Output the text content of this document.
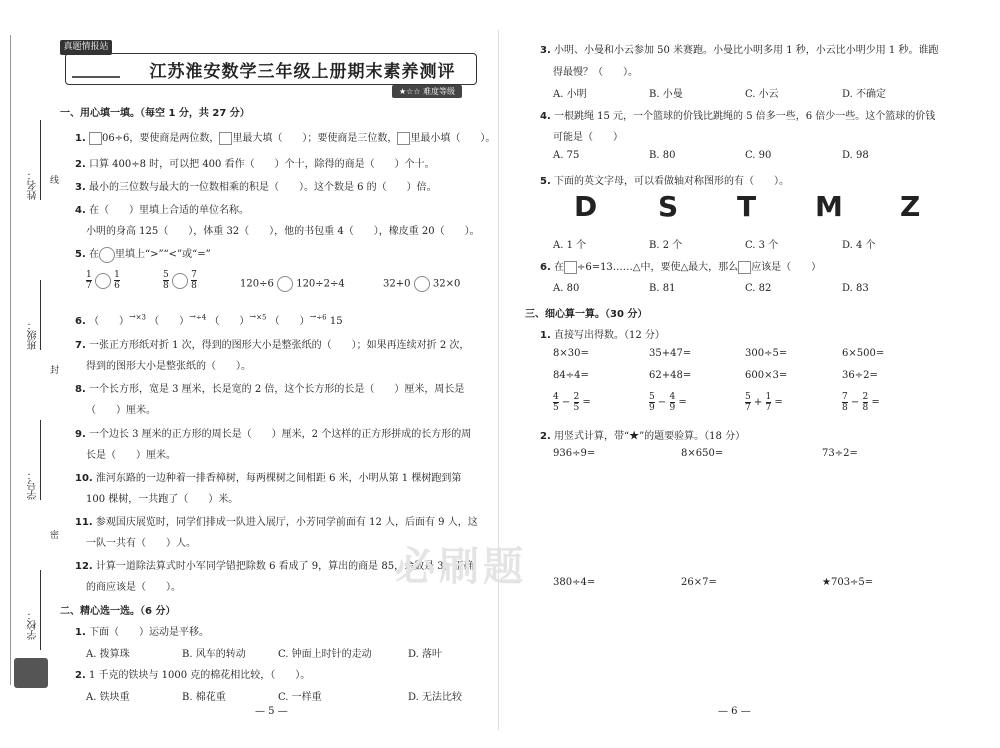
姓名： 线
班级：
封
学号：
密
学校：
真题情报站
江苏淮安数学三年级上册期末素养测评
★☆☆ 难度等级
一、用心填一填。（每空 1 分，共 27 分）
1. 06÷6，要使商是两位数， 里最大填（　　）；要使商是三位数， 里最小填（　　）。
2. 口算 400÷8 时，可以把 400 看作（　　）个十，除得的商是（　　）个十。
3. 最小的三位数与最大的一位数相乘的积是（　　）。这个数是 6 的（　　）倍。
4. 在（　　）里填上合适的单位名称。
小明的身高 125（　　），体重 32（　　），他的书包重 4（　　），橡皮重 20（　　）。
5. 在 里填上“>”“<”或“=”
$\frac{1}{7}$
$\frac{1}{6}$	$\frac{5}{8}$
$\frac{7}{8}$	120÷6 120÷2÷4	32+0 32×0
6. （　　）$^{\to\times 3}$ （　　）$^{\to\div 4}$ （　　）$^{\to\times 5}$ （　　）$^{\to\div 6}$ 15
7. 一张正方形纸对折 1 次，得到的图形大小是整张纸的（　　）；如果再连续对折 2 次，
得到的图形大小是整张纸的（　　）。
8. 一个长方形，宽是 3 厘米，长是宽的 2 倍，这个长方形的长是（　　）厘米，周长是
（　　）厘米。
9. 一个边长 3 厘米的正方形的周长是（　　）厘米，2 个这样的正方形拼成的长方形的周
长是（　　）厘米。
10. 淮河东路的一边种着一排香樟树，每两棵树之间相距 6 米，小明从第 1 棵树跑到第
100 棵树，一共跑了（　　）米。
11. 参观国庆展览时，同学们排成一队进入展厅，小芳同学前面有 12 人，后面有 9 人，这
一队一共有（　　）人。
12. 计算一道除法算式时小军同学错把除数 6 看成了 9，算出的商是 85，余数是 3，正确
的商应该是（　　）。
二、精心选一选。（6 分）
1. 下面（　　）运动是平移。
A. 拨算珠	B. 风车的转动	C. 钟面上时针的走动	D. 落叶
2. 1 千克的铁块与 1000 克的棉花相比较，（　　）。
A. 铁块重	B. 棉花重	C. 一样重	D. 无法比较
— 5 —
3. 小明、小曼和小云参加 50 米赛跑。小曼比小明多用 1 秒，小云比小明少用 1 秒。谁跑
得最慢？（　　）。
A. 小明	B. 小曼	C. 小云	D. 不确定
4. 一根跳绳 15 元，一个篮球的价钱比跳绳的 5 倍多一些，6 倍少一些。这个篮球的价钱
可能是（　　）
A. 75	B. 80	C. 90	D. 98
5. 下面的英文字母，可以看做轴对称图形的有（　　）。
D S T M Z
A. 1 个	B. 2 个	C. 3 个	D. 4 个
6. 在 ÷6=13……△中，要使△最大，那么 应该是（　　）
A. 80	B. 81	C. 82	D. 83
三、细心算一算。（30 分）
1. 直接写出得数。（12 分）
8×30=	35+47=	300÷5=	6×500=
84÷4=	62+48=	600×3=	36÷2=
$\frac{4}{5} - \frac{2}{5}$ =	$\frac{5}{9} - \frac{4}{9}$ =	$\frac{5}{7} + \frac{1}{7}$ =	$\frac{7}{8} - \frac{2}{8}$ =
2. 用竖式计算，带“★”的题要验算。（18 分）
936÷9=	8×650=	73÷2=
380÷4=	26×7=	★703÷5=
必刷题
— 6 —
